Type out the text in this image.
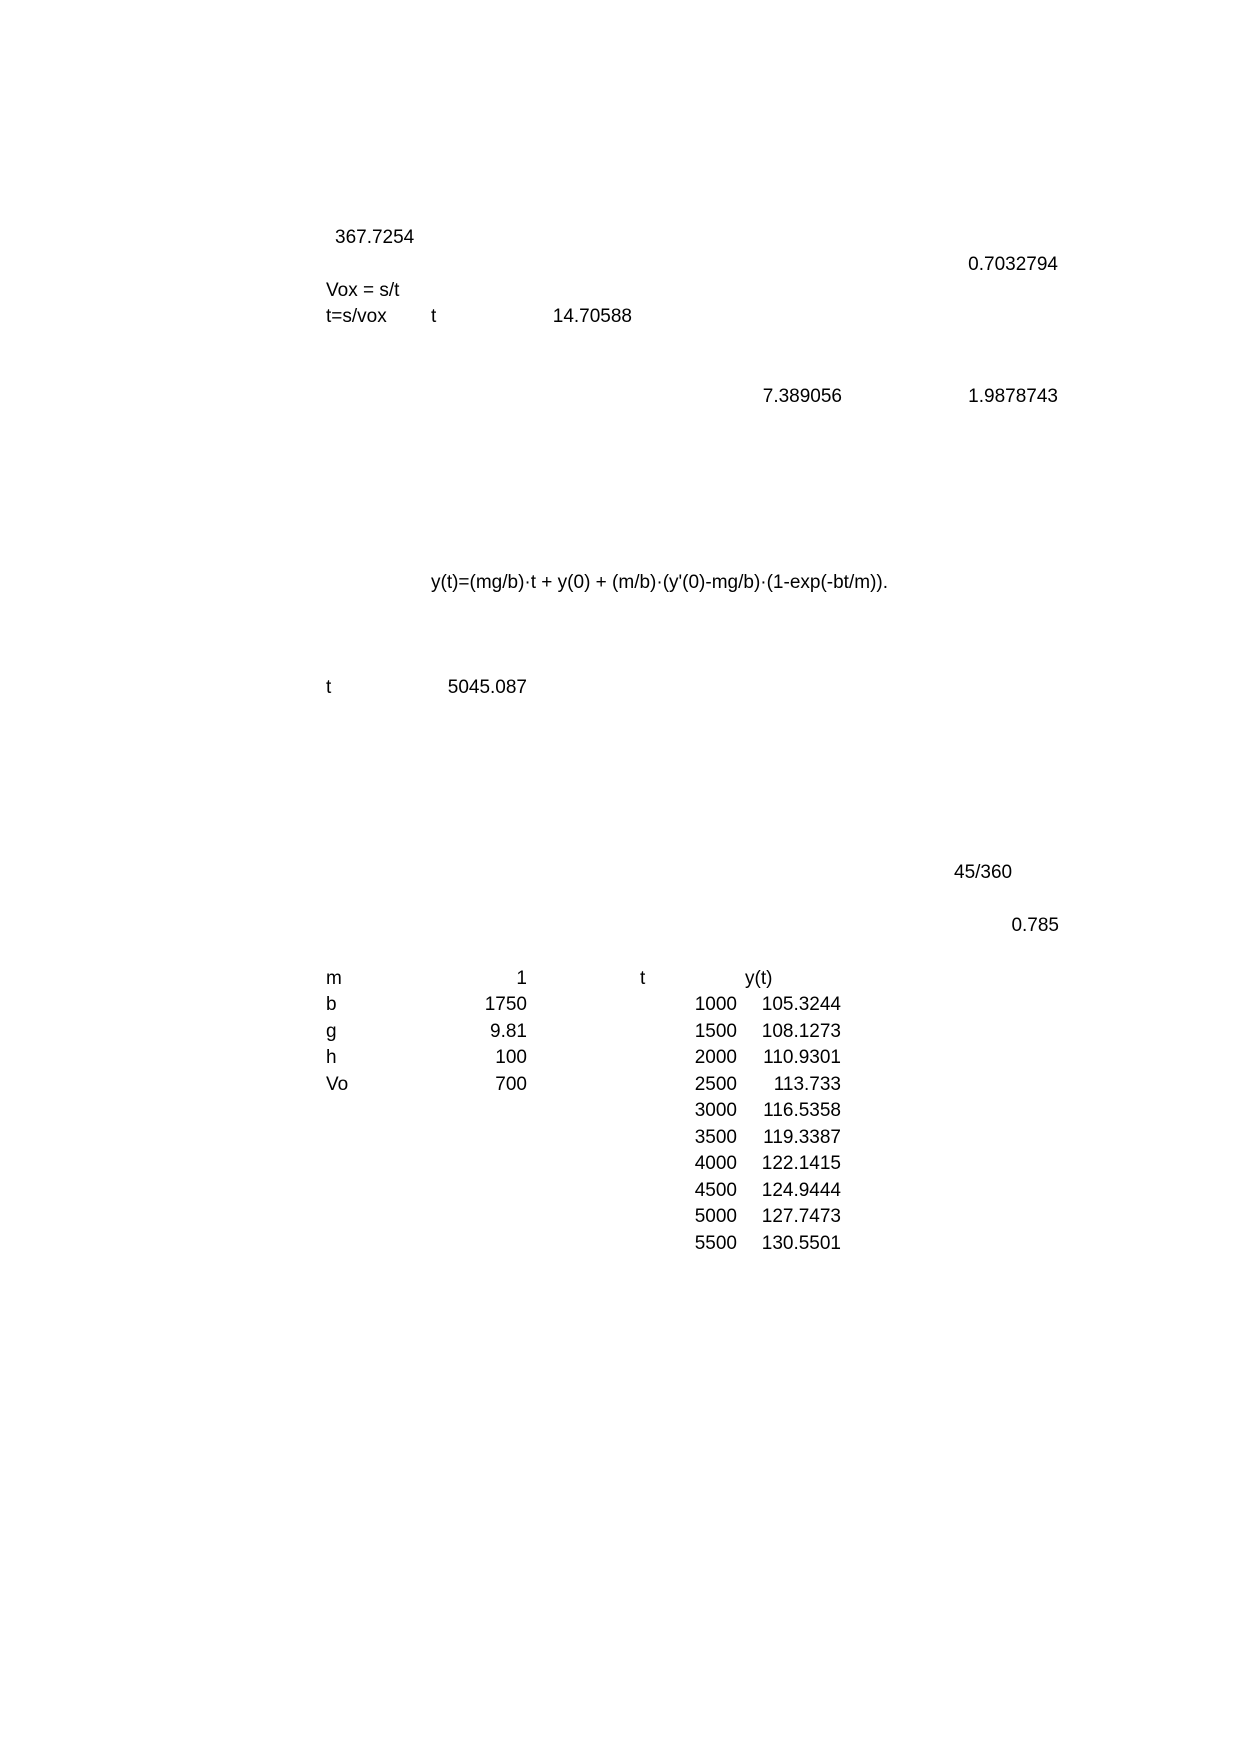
367.7254
0.7032794
Vox = s/t
t=s/vox t	14.70588
7.389056	1.9878743
y(t)=(mg/b)·t + y(0) + (m/b)·(y'(0)-mg/b)·(1-exp(-bt/m)).
t	5045.087
45/360
0.785
m	1
b	1750
g	9.81
h	100
Vo	700
t	y(t)
1000	105.3244
1500	108.1273
2000	110.9301
2500	113.733
3000	116.5358
3500	119.3387
4000	122.1415
4500	124.9444
5000	127.7473
5500	130.5501
